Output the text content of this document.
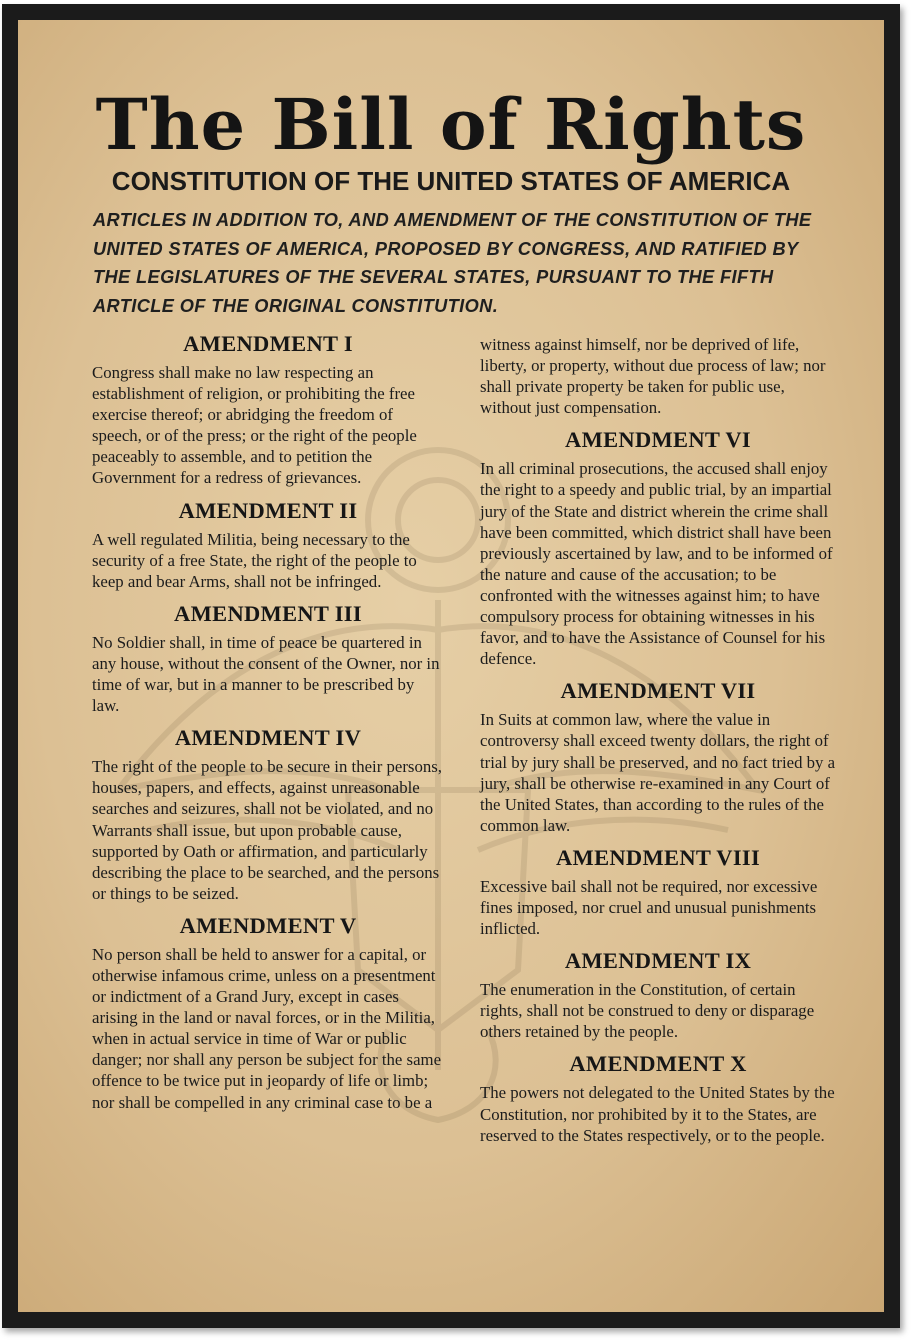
The Bill of Rights
CONSTITUTION OF THE UNITED STATES OF AMERICA
ARTICLES IN ADDITION TO, AND AMENDMENT OF THE CONSTITUTION OF THE UNITED STATES OF AMERICA, PROPOSED BY CONGRESS, AND RATIFIED BY THE LEGISLATURES OF THE SEVERAL STATES, PURSUANT TO THE FIFTH ARTICLE OF THE ORIGINAL CONSTITUTION.
AMENDMENT I

Congress shall make no law respecting an establishment of religion, or prohibiting the free exercise thereof; or abridging the freedom of speech, or of the press; or the right of the people peaceably to assemble, and to petition the Government for a redress of grievances.

AMENDMENT II

A well regulated Militia, being necessary to the security of a free State, the right of the people to keep and bear Arms, shall not be infringed.

AMENDMENT III

No Soldier shall, in time of peace be quartered in any house, without the consent of the Owner, nor in time of war, but in a manner to be prescribed by law.

AMENDMENT IV

The right of the people to be secure in their persons, houses, papers, and effects, against unreasonable searches and seizures, shall not be violated, and no Warrants shall issue, but upon probable cause, supported by Oath or affirmation, and particularly describing the place to be searched, and the persons or things to be seized.

AMENDMENT V

No person shall be held to answer for a capital, or otherwise infamous crime, unless on a presentment or indictment of a Grand Jury, except in cases arising in the land or naval forces, or in the Militia, when in actual service in time of War or public danger; nor shall any person be subject for the same offence to be twice put in jeopardy of life or limb; nor shall be compelled in any criminal case to be a

witness against himself, nor be deprived of life, liberty, or property, without due process of law; nor shall private property be taken for public use, without just compensation.

AMENDMENT VI

In all criminal prosecutions, the accused shall enjoy the right to a speedy and public trial, by an impartial jury of the State and district wherein the crime shall have been committed, which district shall have been previously ascertained by law, and to be informed of the nature and cause of the accusation; to be confronted with the witnesses against him; to have compulsory process for obtaining witnesses in his favor, and to have the Assistance of Counsel for his defence.

AMENDMENT VII

In Suits at common law, where the value in controversy shall exceed twenty dollars, the right of trial by jury shall be preserved, and no fact tried by a jury, shall be otherwise re-examined in any Court of the United States, than according to the rules of the common law.

AMENDMENT VIII

Excessive bail shall not be required, nor excessive fines imposed, nor cruel and unusual punishments inflicted.

AMENDMENT IX

The enumeration in the Constitution, of certain rights, shall not be construed to deny or disparage others retained by the people.

AMENDMENT X

The powers not delegated to the United States by the Constitution, nor prohibited by it to the States, are reserved to the States respectively, or to the people.
